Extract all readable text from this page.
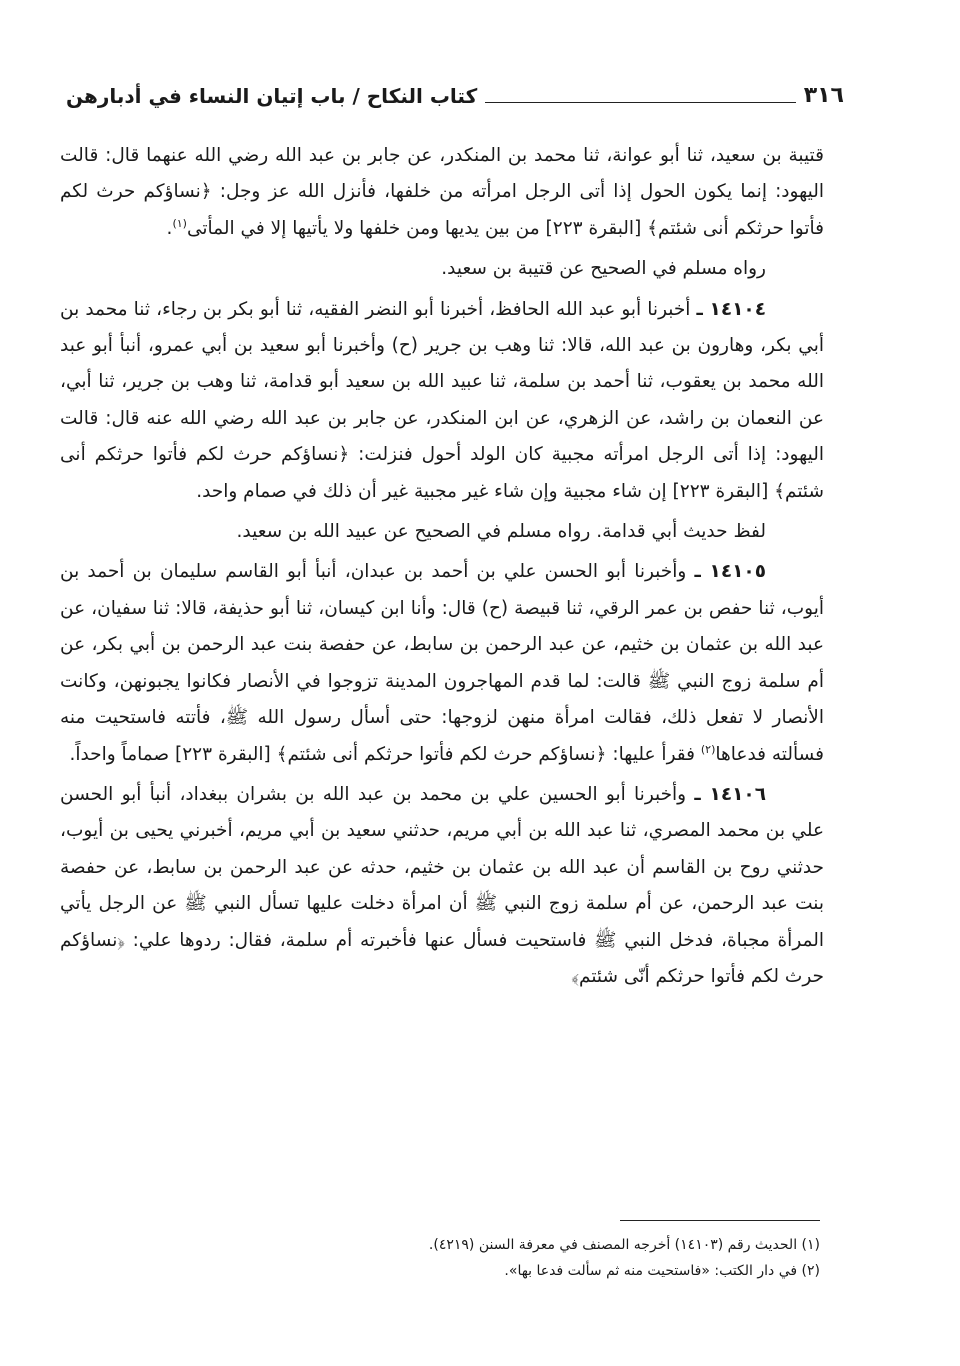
٣١٦
كتاب النكاح / باب إتيان النساء في أدبارهن

قتيبة بن سعيد، ثنا أبو عوانة، ثنا محمد بن المنكدر، عن جابر بن عبد الله رضي الله عنهما قال: قالت اليهود: إنما يكون الحول إذا أتى الرجل امرأته من خلفها، فأنزل الله عز وجل: ﴿نساؤكم حرث لكم فأتوا حرثكم أنى شئتم﴾ [البقرة ٢٢٣] من بين يديها ومن خلفها ولا يأتيها إلا في المأتى$^{(١)}$.

رواه مسلم في الصحيح عن قتيبة بن سعيد.

١٤١٠٤ ـ أخبرنا أبو عبد الله الحافظ، أخبرنا أبو النضر الفقيه، ثنا أبو بكر بن رجاء، ثنا محمد بن أبي بكر، وهارون بن عبد الله، قالا: ثنا وهب بن جرير (ح) وأخبرنا أبو سعيد بن أبي عمرو، أنبأ أبو عبد الله محمد بن يعقوب، ثنا أحمد بن سلمة، ثنا عبيد الله بن سعيد أبو قدامة، ثنا وهب بن جرير، ثنا أبي، عن النعمان بن راشد، عن الزهري، عن ابن المنكدر، عن جابر بن عبد الله رضي الله عنه قال: قالت اليهود: إذا أتى الرجل امرأته مجبية كان الولد أحول فنزلت: ﴿نساؤكم حرث لكم فأتوا حرثكم أنى شئتم﴾ [البقرة ٢٢٣] إن شاء مجبية وإن شاء غير مجبية غير أن ذلك في صمام واحد.

لفظ حديث أبي قدامة. رواه مسلم في الصحيح عن عبيد الله بن سعيد.

١٤١٠٥ ـ وأخبرنا أبو الحسن علي بن أحمد بن عبدان، أنبأ أبو القاسم سليمان بن أحمد بن أيوب، ثنا حفص بن عمر الرقي، ثنا قبيصة (ح) قال: وأنا ابن كيسان، ثنا أبو حذيفة، قالا: ثنا سفيان، عن عبد الله بن عثمان بن خثيم، عن عبد الرحمن بن سابط، عن حفصة بنت عبد الرحمن بن أبي بكر، عن أم سلمة زوج النبي ﷺ قالت: لما قدم المهاجرون المدينة تزوجوا في الأنصار فكانوا يجبونهن، وكانت الأنصار لا تفعل ذلك، فقالت امرأة منهن لزوجها: حتى أسأل رسول الله ﷺ، فأتته فاستحيت منه فسألته فدعاها$^{(٢)}$ فقرأ عليها: ﴿نساؤكم حرث لكم فأتوا حرثكم أنى شئتم﴾ [البقرة ٢٢٣] صماماً واحداً.

١٤١٠٦ ـ وأخبرنا أبو الحسين علي بن محمد بن عبد الله بن بشران ببغداد، أنبأ أبو الحسن علي بن محمد المصري، ثنا عبد الله بن أبي مريم، حدثني سعيد بن أبي مريم، أخبرني يحيى بن أيوب، حدثني روح بن القاسم أن عبد الله بن عثمان بن خثيم، حدثه عن عبد الرحمن بن سابط، عن حفصة بنت عبد الرحمن، عن أم سلمة زوج النبي ﷺ أن امرأة دخلت عليها تسأل النبي ﷺ عن الرجل يأتي المرأة مجباة، فدخل النبي ﷺ فاستحيت فسأل عنها فأخبرته أم سلمة، فقال: ردوها علي: ﴿نساؤكم حرث لكم فأتوا حرثكم أنّى شئتم﴾

(١) الحديث رقم (١٤١٠٣) أخرجه المصنف في معرفة السنن (٤٢١٩).

(٢) في دار الكتب: «فاستحيت منه ثم سألت فدعا بها».
